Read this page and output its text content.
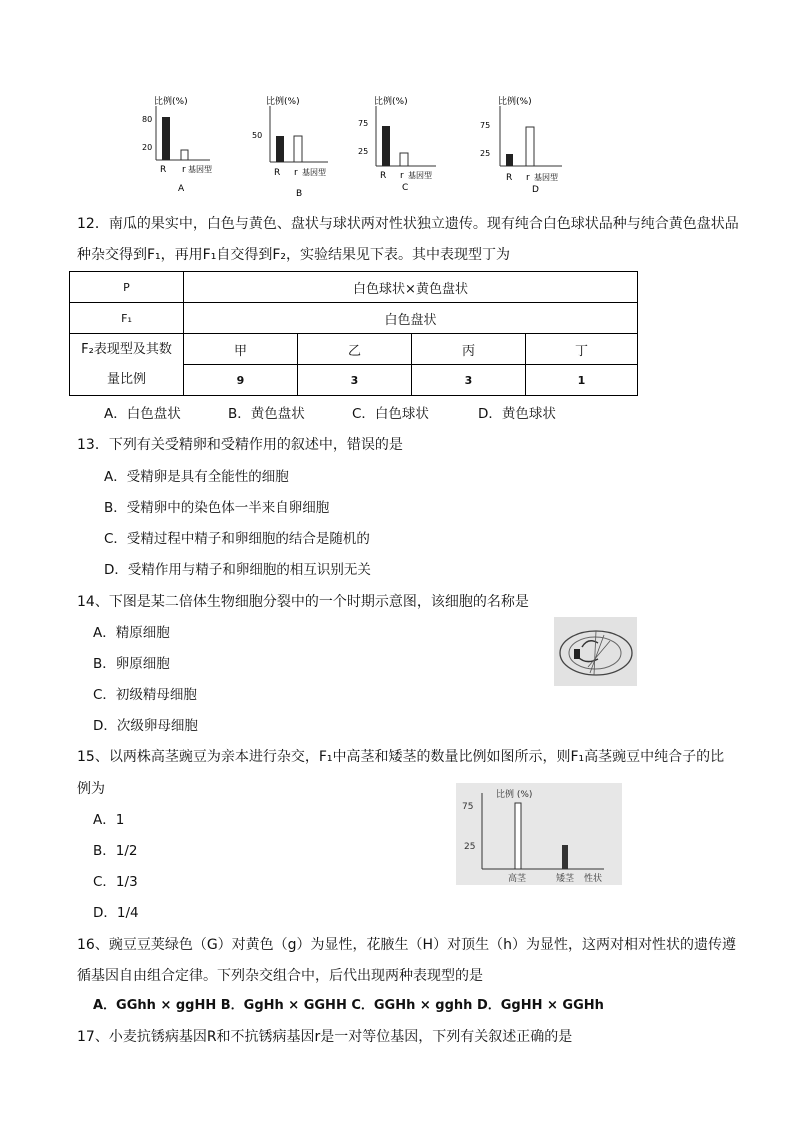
比例(%)
80
20
R r 基因型
A
比例(%)
50
R r 基因型
B
比例(%)
75
25
R r 基因型
C
比例(%)
75
25
R r 基因型
D
12．南瓜的果实中，白色与黄色、盘状与球状两对性状独立遗传。现有纯合白色球状品种与纯合黄色盘状品
种杂交得到F₁，再用F₁自交得到F₂，实验结果见下表。其中表现型丁为
P	白色球状×黄色盘状			
F₁	白色盘状			

F₂表现型及其数
量比例	甲	乙	丙	丁
	9	3	3	1
A．白色盘状	B．黄色盘状	C．白色球状	D．黄色球状
13．下列有关受精卵和受精作用的叙述中，错误的是
A．受精卵是具有全能性的细胞
B．受精卵中的染色体一半来自卵细胞
C．受精过程中精子和卵细胞的结合是随机的
D．受精作用与精子和卵细胞的相互识别无关
14、下图是某二倍体生物细胞分裂中的一个时期示意图，该细胞的名称是
A．精原细胞
B．卵原细胞
C．初级精母细胞
D．次级卵母细胞
15、以两株高茎豌豆为亲本进行杂交，F₁中高茎和矮茎的数量比例如图所示，则F₁高茎豌豆中纯合子的比
例为
A．1
B．1/2
C．1/3
D．1/4
比例 (%)
75
25
高茎	矮茎 性状
16、豌豆豆荚绿色（G）对黄色（g）为显性，花腋生（H）对顶生（h）为显性，这两对相对性状的遗传遵
循基因自由组合定律。下列杂交组合中，后代出现两种表现型的是
A．GGhh × ggHH B．GgHh × GGHH C．GGHh × gghh D．GgHH × GGHh
17、小麦抗锈病基因R和不抗锈病基因r是一对等位基因，下列有关叙述正确的是
